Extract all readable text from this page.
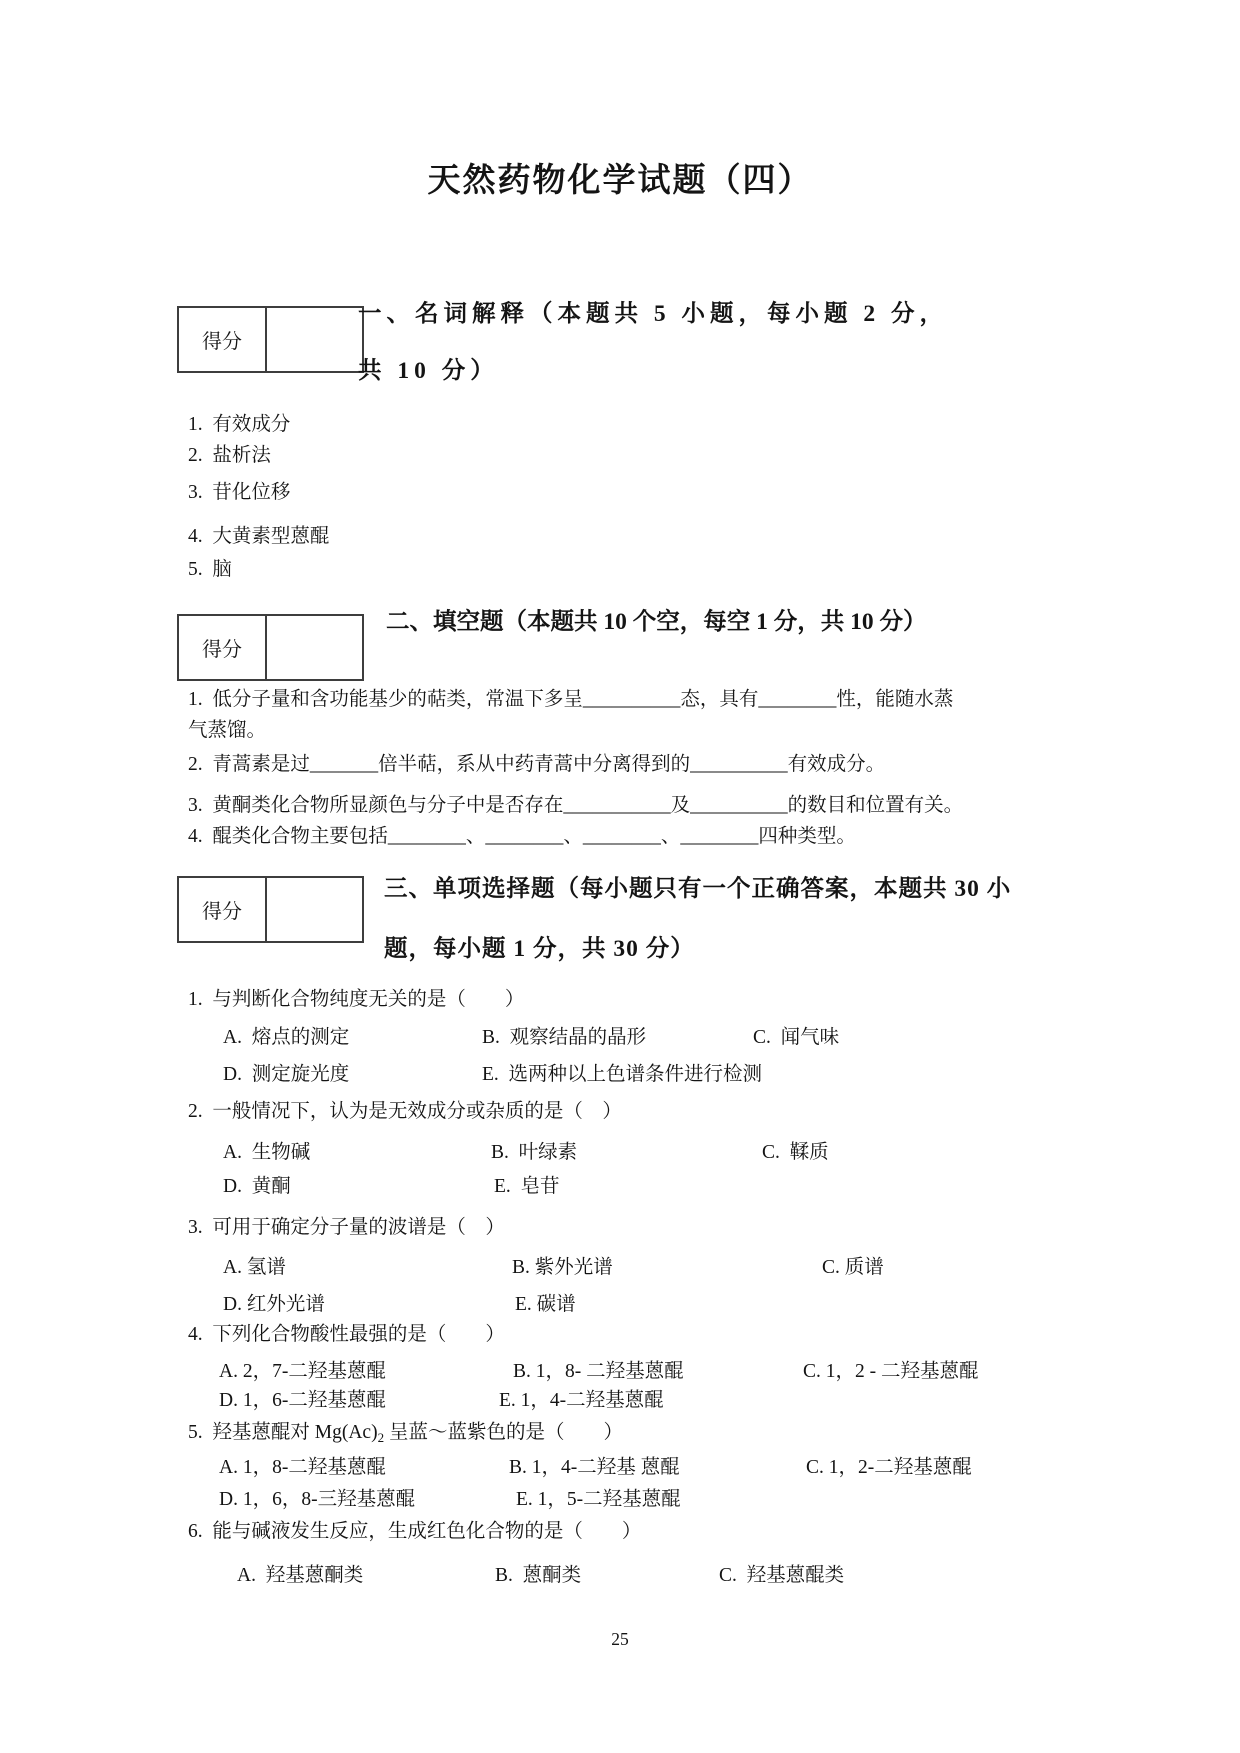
天然药物化学试题（四）
得分
一、名词解释（本题共 5 小题，每小题 2 分，
共 10 分）
1.  有效成分
2.  盐析法
3.  苷化位移
4.  大黄素型蒽醌
5.  脑
得分
二、填空题（本题共 10 个空，每空 1 分，共 10 分）
1.  低分子量和含功能基少的萜类，常温下多呈__________态，具有________性，能随水蒸
气蒸馏。
2.  青蒿素是过_______倍半萜，系从中药青蒿中分离得到的__________有效成分。
3.  黄酮类化合物所显颜色与分子中是否存在___________及__________的数目和位置有关。
4.  醌类化合物主要包括________、________、________、________四种类型。
得分
三、单项选择题（每小题只有一个正确答案，本题共 30 小
题，每小题 1 分，共 30 分）
1.  与判断化合物纯度无关的是（　　）
A.  熔点的测定	B.  观察结晶的晶形	C.  闻气味
D.  测定旋光度	E.  选两种以上色谱条件进行检测
2.  一般情况下，认为是无效成分或杂质的是（　）
A.  生物碱	B.  叶绿素	C.  鞣质
D.  黄酮	E.  皂苷
3.  可用于确定分子量的波谱是（　）
A. 氢谱	B. 紫外光谱	C. 质谱
D. 红外光谱	E. 碳谱
4.  下列化合物酸性最强的是（　　）
A. 2，7-二羟基蒽醌	B. 1，8- 二羟基蒽醌	C. 1，2 - 二羟基蒽醌
D. 1，6-二羟基蒽醌	E. 1，4-二羟基蒽醌
5.  羟基蒽醌对 $Mg(Ac)_2$ 呈蓝～蓝紫色的是（　　）
A. 1，8-二羟基蒽醌	B. 1，4-二羟基 蒽醌	C. 1，2-二羟基蒽醌
D. 1，6，8-三羟基蒽醌	E. 1，5-二羟基蒽醌
6.  能与碱液发生反应，生成红色化合物的是（　　）
A.  羟基蒽酮类	B.  蒽酮类	C.  羟基蒽醌类
25
